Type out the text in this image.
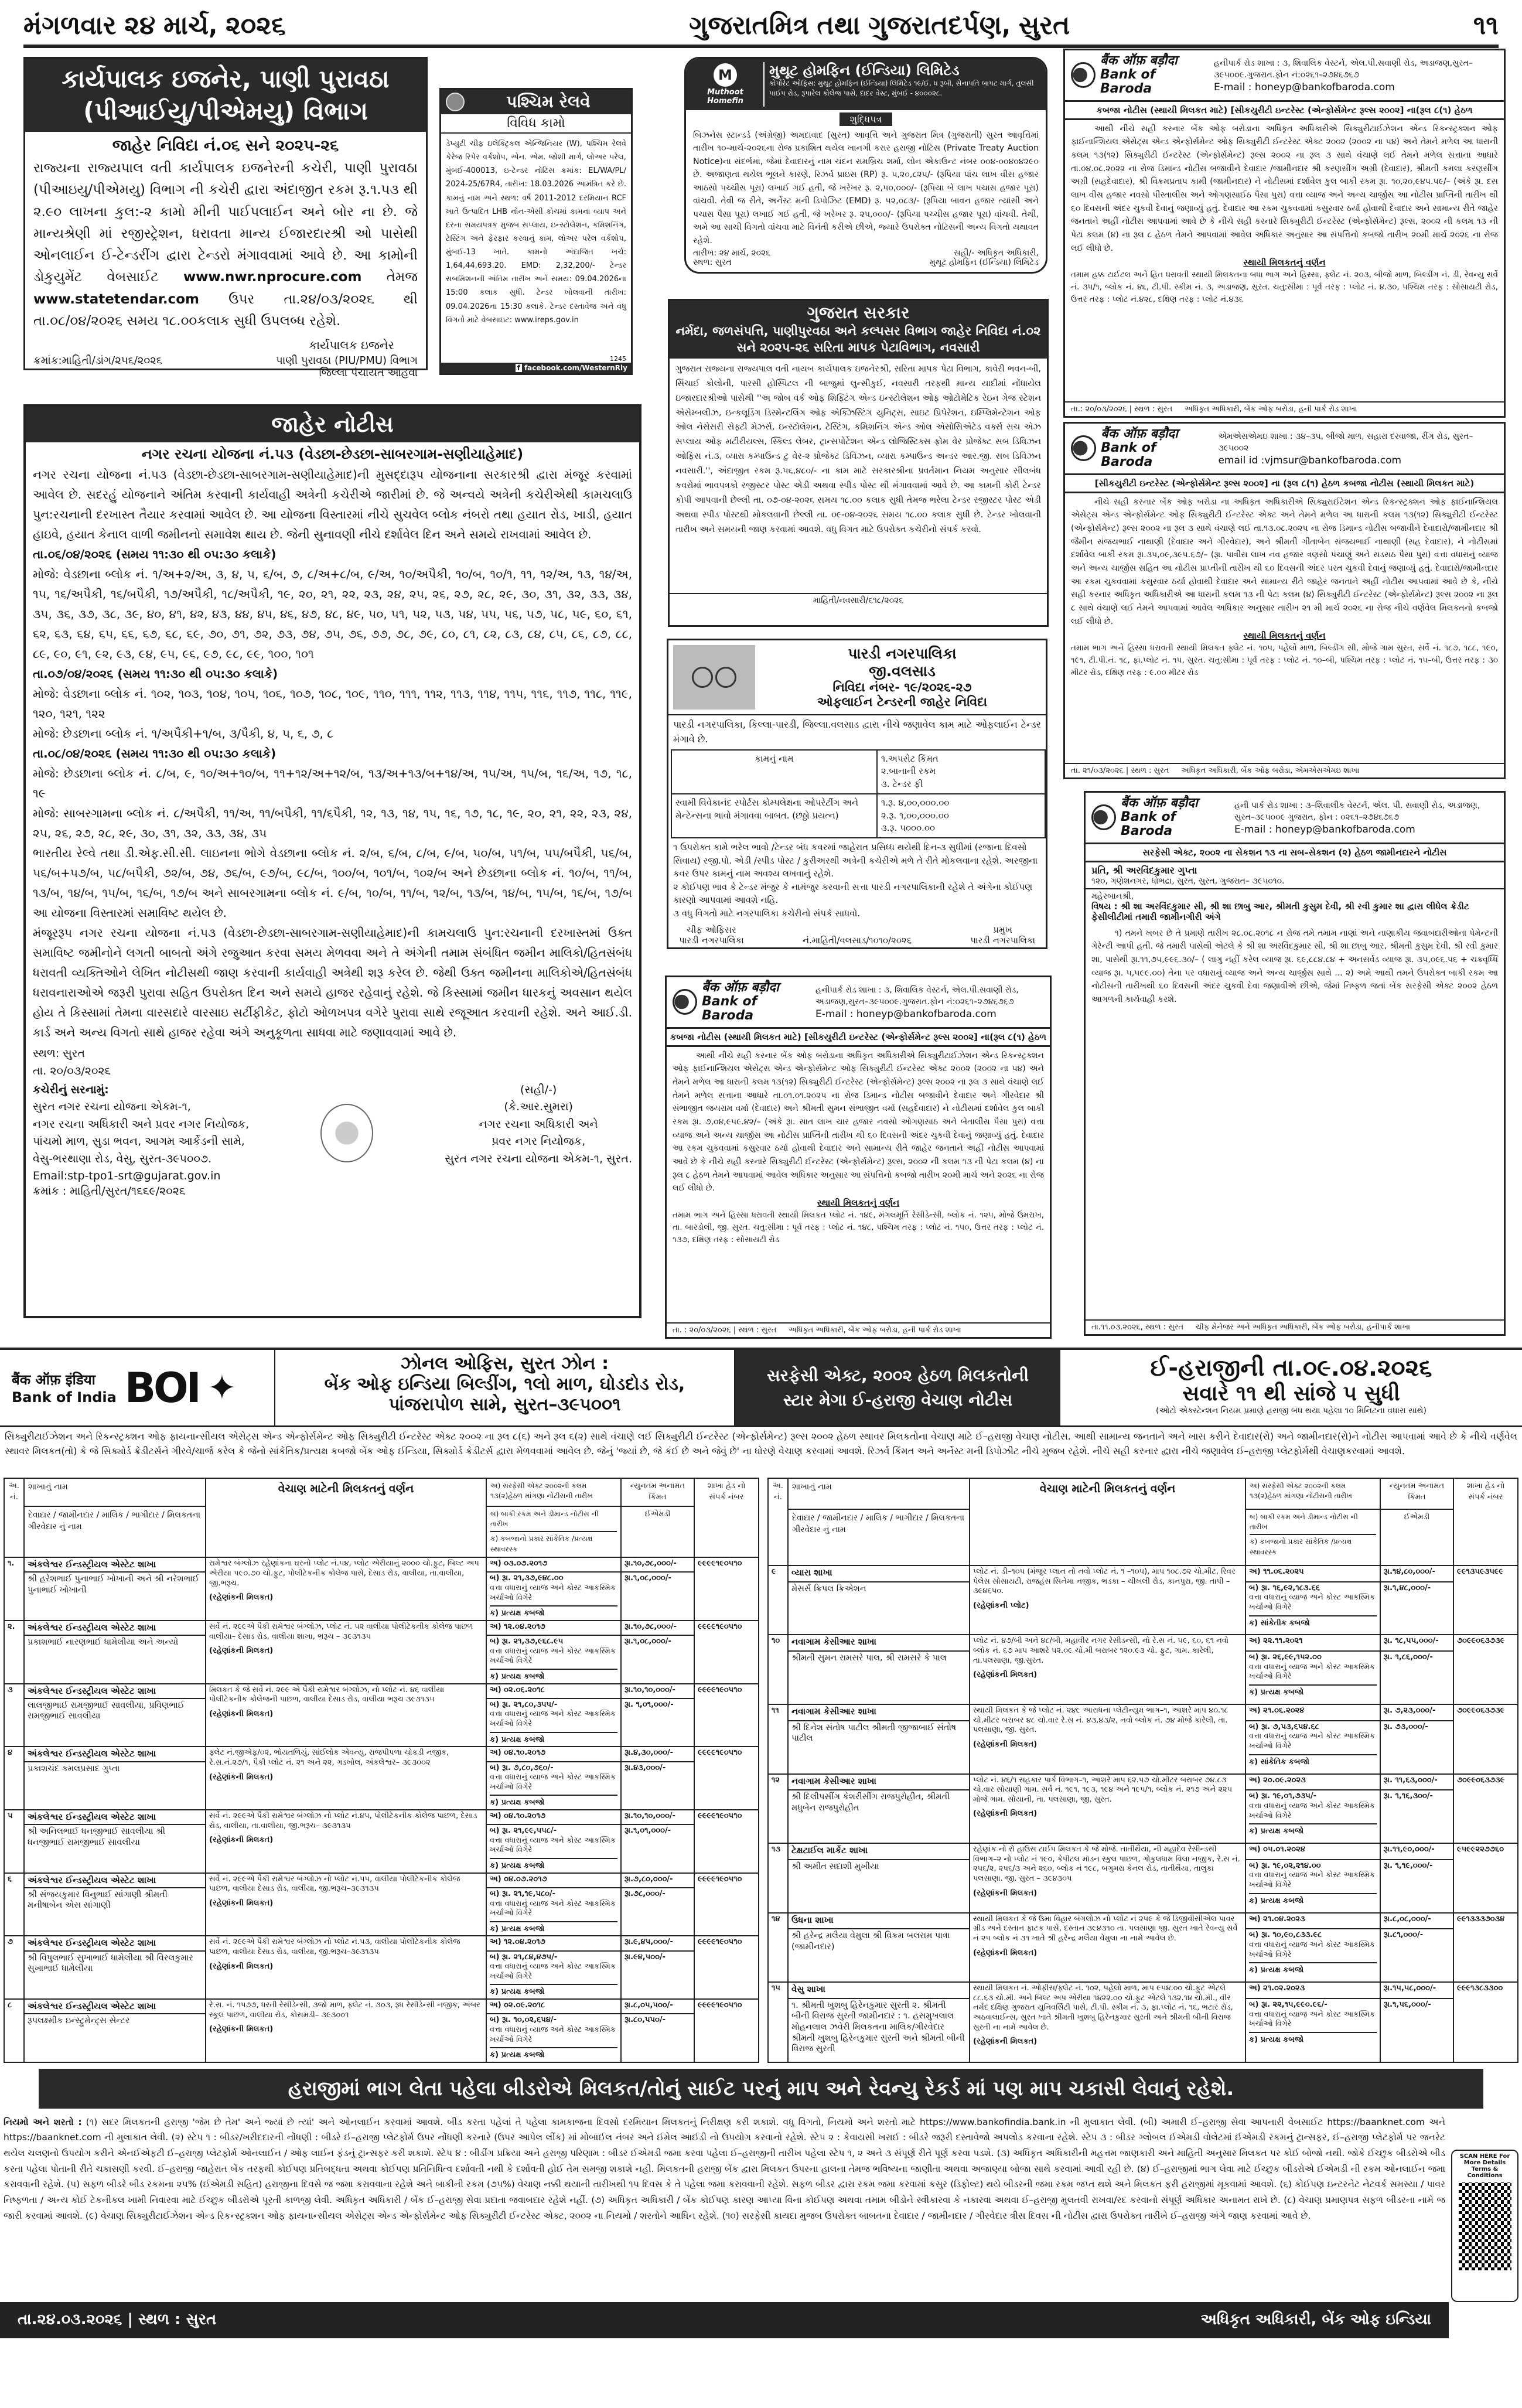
મંગળવાર ૨૪ માર્ચ, ૨૦૨૬	ગુજરાતમિત્ર તથા ગુજરાતદર્પણ, સુરત	૧૧
કાર્યપાલક ઇજનેર, પાણી પુરાવઠા (પીઆઈયુ/પીએમયુ) વિભાગ
જાહેર નિવિદા નં.૦૬ સને ૨૦૨૫-૨૬
રાજ્યના રાજ્યપાલ વતી કાર્યપાલક ઇજનેરની કચેરી, પાણી પુરાવઠા (પીઆઇયુ/પીએમયુ) વિભાગ ની કચેરી દ્વારા અંદાજીત રકમ રૂ.૧.૫૩ થી ૨.૯૦ લાખના કુલ:-૨ કામો મીની પાઈપલાઈન અને બોર ના છે. જે માન્યશ્રેણી માં રજીસ્ટ્રેશન, ધરાવતા માન્ય ઈજારદારશ્રી ઓ પાસેથી ઓનલાઈન ઈ-ટેન્ડરીંગ દ્વારા ટેન્ડરો મંગાવવામાં આવે છે. આ કામોની ડોકુયુમેંટ વેબસાઈટ www.nwr.nprocure.com તેમજ www.statetendar.com ઉપર તા.૨૪/૦૩/૨૦૨૬ થી તા.૦૮/૦૪/૨૦૨૬ સમય ૧૮.૦૦કલાક સુધી ઉપલબ્ધ રહેશે.
કાર્યપાલક ઇજનેર
ક્રમાંક:માહિતી/ડાંગ/૨૫૬/૨૦૨૬	પાણી પુરાવઠા (PIU/PMU) વિભાગ
જિલ્લા પંચાયત આહવા
પશ્ચિમ રેલવે
વિવિધ કામો
ડેપ્યુટી ચીફ ઇલેક્ટ્રિકલ એન્જિનિયર (W), પશ્ચિમ રેલવે કેરેજ રિપેર વર્કશોપ, એન. એમ. જોશી માર્ગ, લોઅર પરેલ, મુંબઈ-400013, ઇ-ટેન્ડર નોટિસ ક્રમાંક: EL/WA/PL/ 2024-25/67R4, તારીખ: 18.03.2026 આમંત્રિત કરે છે. કામનું નામ અને સ્થળ: વર્ષ 2011-2012 દરમિયાન RCF ખાતે ઉત્પાદિત LHB નોન-એસી કોચમાં કામના વ્યાપ અને દરના સમયપત્રક મુજબ સપ્લાય, ઇન્સ્ટોલેશન, કમિશનિંગ, ટેસ્ટિંગ અને ફેરફાર કરવાનું કામ, લોઅર પરેલ વર્કશોપ, મુંબઈ-13 ખાતે. કામનો અંદાજિત ખર્ચ: 1,64,44,693.20. EMD: 2,32,200/- ટેન્ડર સબમિશનની અંતિમ તારીખ અને સમય: 09.04.2026ના 15:00 કલાક સુધી. ટેન્ડર ખોલવાની તારીખ: 09.04.2026ના 15:30 કલાકે. ટેન્ડર દસ્તાવેજ અને વધુ વિગતો માટે વેબસાઇટ: www.ireps.gov.in
1245
f facebook.com/WesternRly
M
Muthoot Homefin
મુથૂટ હોમફિન (ઈન્ડિયા) લિમિટેડ
કોર્પોરેટ ઓફિસ: મુથૂટ હોમફિન (ઈન્ડિયા) લિમિટેડ ૧૯/ઈ, ધ રૂબી, સેનાપતિ બાપટ માર્ગ, તુલસી પાઈપ રોડ, રૂપારેલ કોલેજ પાસે, દાદર વેસ્ટ, મુંબઈ - ૪૦૦૦૨૮.
શુદ્ધિપત્ર
બિઝનેસ સ્ટાન્ડર્ડ (અંગ્રેજી) અમદાવાદ (સુરત) આવૃત્તિ અને ગુજરાત મિત્ર (ગુજરાતી) સુરત આવૃત્તિમાં તારીખ ૧૦-માર્ચ-૨૦૨૬ના રોજ પ્રકાશિત થયેલ ખાનગી કરાર હરાજી નોટિસ (Private Treaty Auction Notice)ના સંદર્ભમાં, જેમાં દેવાદારનું નામ ચંદન રામબ્રિચ શર્મા, લોન એકાઉન્ટ નંબર ૦૦૪-૦૦૪૦૪૨૯૦ છે. અજાણતા થયેલ ભૂલને કારણે, રિઝર્વ પ્રાઇસ (RP) રૂ. ૫,૨૦,૮૨૫/- (રૂપિયા પાંચ લાખ વીસ હજાર આઠસો પચ્ચીસ પૂરા) લખાઈ ગઈ હતી, જે ખરેખર રૂ. ૨,૫૦,૦૦૦/- (રૂપિયા બે લાખ પચાસ હજાર પૂરા) વાંચવી. તેવી જ રીતે, અર્નેસ્ટ મની ડિપોઝિટ (EMD) રૂ. ૫૨,૦૮૩/- (રૂપિયા બાવન હજાર ત્યાંસી અને પચાસ પૈસા પૂરા) લખાઈ ગઈ હતી, જે ખરેખર રૂ. ૨૫,૦૦૦/- (રૂપિયા પચ્ચીસ હજાર પૂરા) વાંચવી. તેથી, અમે આ સાચી વિગતો વાંચવા માટે વિનંતી કરીએ છીએ, જ્યારે ઉપરોક્ત નોટિસની અન્ય વિગતો યથાવત રહેશે.
તારીખ: ૨૪ માર્ચ, ૨૦૨૬
સ્થળ: સુરત
સહી/- અધિકૃત અધિકારી,
મુથૂટ હોમફિન (ઈન્ડિયા) લિમિટેડ
ગુજરાત સરકાર
નર્મદા, જળસંપત્તિ, પાણીપુરવઠા અને કલ્પસર વિભાગ જાહેર નિવિદા નં.૦૨ સને ૨૦૨૫-૨૬ સરિતા માપક પેટાવિભાગ, નવસારી
ગુજરાત રાજ્યના રાજ્યપાલ વતી નાયબ કાર્યપાલક ઇજનેરશ્રી, સરિતા માપક પેટા વિભાગ, કાવેરી ભવન-બી, સિંચાઈ કોલોની, પારસી હોસ્પિટલ ની બાજુમાં લુન્સીકુઈ, નવસારી તરફથી માન્ય યાદીમાં નોંધાયેલ ઇજારદારશ્રીઓ પાસેથી ''અ જોબ વર્ક ઓફ શિફ્ટિંગ એન્ડ ઇન્સ્ટોલેશન ઓફ ઓટોમેટિક રેઇન ગેજ સ્ટેશન એસેમ્બલીઝ, ઇન્કલૂડિંગ ડિસ્મેન્ટલિંગ ઓફ એક્ઝિસ્ટિંગ યુનિટ્સ, સાઇટ પ્રિપેરેશન, ઇમ્પ્લિમેન્ટેશન ઓફ ઓલ નેસેસરી સેફ્ટી મેઝર્સ, ઇન્સ્ટોલેશન, ટેસ્ટિંગ, કમિશનિંગ એન્ડ ઓલ એસોસિએટેડ વર્ક્સ સચ એઝ સપ્લાય ઓફ મટીરીયલ્સ, સ્કિલ્ડ લેબર, ટ્રાન્સપોર્ટેશન એન્ડ લોજિસ્ટિક્સ ફ્રોમ વેર પ્રોજેક્ટ સબ ડિવિઝન ઓફિસ નં.૩, વ્યારા કમ્પાઉન્ડ ટુ વેર-૨ પ્રોજેક્ટ ડિવિઝન, વ્યારા કમ્પાઉન્ડ અન્ડર આર.જી. સબ ડિવિઝન નવસારી.'', અંદાજીત રકમ રૂ.૫૬,૪૮૦/- ના કામ માટે સરકારશ્રીના પ્રવર્તમાન નિયમ અનુસાર સીલબંધ કવરોમાં ભાવપત્રકો રજીસ્ટર પોસ્ટ એડી અથવા સ્પીડ પોસ્ટ થી મંગાવવામાં આવે છે. આ કામની કોરી ટેન્ડર કોપી આપવાની છેલ્લી તા. ૦૭-૦૪-૨૦૨૬ સમય ૧૮.૦૦ કલાક સુધી તેમજ ભરેલા ટેન્ડર રજીસ્ટર પોસ્ટ એડી અથવા સ્પીડ પોસ્ટથી મોકલવાની છેલ્લી તા. ૦૯-૦૪-૨૦૨૬ સમય ૧૮.૦૦ કલાક સુધી છે. ટેન્ડર ખોલવાની તારીખ અને સમયની જાણ કરવામાં આવશે. વધુ વિગત માટે ઉપરોક્ત કચેરીનો સંપર્ક કરવો.
માહિતી/નવસારી/૬૧૮/૨૦૨૬
જાહેર નોટીસ
નગર રચના યોજના નં.૫૩ (વેડછા-છેડછા-સાબરગામ-સણીયાહેમાદ)
નગર રચના યોજના નં.૫૩ (વેડછા-છેડછા-સાબરગામ-સણીયાહેમાદ)ની મુસદ્દારૂપ યોજનાના સરકારશ્રી દ્વારા મંજૂર કરવામાં આવેલ છે. સદરહું યોજનાને અંતિમ કરવાની કાર્યવાહી અત્રેની કચેરીએ જારીમાં છે. જે અન્વયે અત્રેની કચેરીએથી કામચલાઉ પુન:રચનાની દરખાસ્ત તૈયાર કરવામાં આવેલ છે. આ યોજના વિસ્તારમાં નીચે સુચવેલ બ્લોક નંબરો તથા હયાત રોડ, ખાડી, હયાત હાઇવે, હયાત કેનાલ વાળી જમીનનો સમાવેશ થાય છે. જેની સુનાવણી નીચે દર્શાવેલ દિન અને સમયે રાખવામાં આવેલ છે.
તા.૦૬/૦૪/૨૦૨૬ (સમય ૧૧:૩૦ થી ૦૫:૩૦ કલાકે)
મોજે: વેડછાના બ્લોક નં. ૧/અ+૨/અ, ૩, ૪, ૫, ૬/બ, ૭, ૮/અ+૮/બ, ૯/અ, ૧૦/અપૈકી, ૧૦/બ, ૧૦/૧, ૧૧, ૧૨/અ, ૧૩, ૧૪/અ, ૧૫, ૧૬/અપૈકી, ૧૬/બપૈકી, ૧૭/અપૈકી, ૧૮/અપૈકી, ૧૯, ૨૦, ૨૧, ૨૨, ૨૩, ૨૪, ૨૫, ૨૬, ૨૭, ૨૮, ૨૯, ૩૦, ૩૧, ૩૨, ૩૩, ૩૪, ૩૫, ૩૬, ૩૭, ૩૮, ૩૯, ૪૦, ૪૧, ૪૨, ૪૩, ૪૪, ૪૫, ૪૬, ૪૭, ૪૮, ૪૯, ૫૦, ૫૧, ૫૨, ૫૩, ૫૪, ૫૫, ૫૬, ૫૭, ૫૮, ૫૯, ૬૦, ૬૧, ૬૨, ૬૩, ૬૪, ૬૫, ૬૬, ૬૭, ૬૮, ૬૯, ૭૦, ૭૧, ૭૨, ૭૩, ૭૪, ૭૫, ૭૬, ૭૭, ૭૮, ૭૯, ૮૦, ૮૧, ૮૨, ૮૩, ૮૪, ૮૫, ૮૬, ૮૭, ૮૮, ૮૯, ૯૦, ૯૧, ૯૨, ૯૩, ૯૪, ૯૫, ૯૬, ૯૭, ૯૮, ૯૯, ૧૦૦, ૧૦૧
તા.૦૭/૦૪/૨૦૨૬ (સમય ૧૧:૩૦ થી ૦૫:૩૦ કલાકે)
મોજે: વેડછાના બ્લોક નં. ૧૦૨, ૧૦૩, ૧૦૪, ૧૦૫, ૧૦૬, ૧૦૭, ૧૦૮, ૧૦૯, ૧૧૦, ૧૧૧, ૧૧૨, ૧૧૩, ૧૧૪, ૧૧૫, ૧૧૬, ૧૧૭, ૧૧૮, ૧૧૯, ૧૨૦, ૧૨૧, ૧૨૨
મોજે: છેડછાના બ્લોક નં. ૧/અપૈકી+૧/બ, ૩/પૈકી, ૪, ૫, ૬, ૭, ૮
તા.૦૮/૦૪/૨૦૨૬ (સમય ૧૧:૩૦ થી ૦૫:૩૦ કલાકે)
મોજે: છેડછાના બ્લોક નં. ૮/બ, ૯, ૧૦/અ+૧૦/બ, ૧૧+૧૨/અ+૧૨/બ, ૧૩/અ+૧૩/બ+૧૪/અ, ૧૫/અ, ૧૫/બ, ૧૬/અ, ૧૭, ૧૮, ૧૯
મોજે: સાબરગામના બ્લોક નં. ૮/અપૈકી, ૧૧/અ, ૧૧/બપૈકી, ૧૧/૬પૈકી, ૧૨, ૧૩, ૧૪, ૧૫, ૧૬, ૧૭, ૧૮, ૧૯, ૨૦, ૨૧, ૨૨, ૨૩, ૨૪, ૨૫, ૨૬, ૨૭, ૨૮, ૨૯, ૩૦, ૩૧, ૩૨, ૩૩, ૩૪, ૩૫
ભારતીય રેલ્વે તથા ડી.એફ.સી.સી. લાઇનના ભોગે વેડછાના બ્લોક નં. ૨/બ, ૬/બ, ૮/બ, ૯/બ, ૫૦/બ, ૫૧/બ, ૫૫/બપૈકી, ૫૬/બ, ૫૬/બ+૫૭/બ, ૫૮/બપૈકી, ૭૨/બ, ૭૪, ૭૬/બ, ૯૭/બ, ૯૮/બ, ૧૦૦/બ, ૧૦૧/બ, ૧૦૨/બ અને છેડછાના બ્લોક નં. ૧૦/બ, ૧૧/બ, ૧૩/બ, ૧૪/બ, ૧૫/બ, ૧૬/બ, ૧૭/બ અને સાબરગામના બ્લોક નં. ૯/બ, ૧૦/બ, ૧૧/બ, ૧૨/બ, ૧૩/બ, ૧૪/બ, ૧૫/બ, ૧૬/બ, ૧૭/બ આ યોજના વિસ્તારમાં સમાવિષ્ટ થયેલ છે.
મંજૂરરૂપ નગર રચના યોજના નં.૫૩ (વેડછા-છેડછા-સાબરગામ-સણીયાહેમાદ)ની કામચલાઉ પુન:રચનાની દરખાસ્તમાં ઉક્ત સમાવિષ્ટ જમીનોને લગતી બાબતો અંગે રજુઆત કરવા સમય મેળવવા અને તે અંગેની તમામ સંબંધિત જમીન માલિકો/હિતસંબંધ ધરાવતી વ્યક્તિઓને લેખિત નોટીસથી જાણ કરવાની કાર્યવાહી અત્રેથી શરૂ કરેલ છે. જેથી ઉક્ત જમીનના માલિકોએ/હિતસંબંધ ધરાવનારાઓએ જરૂરી પુરાવા સહિત ઉપરોક્ત દિન અને સમયે હાજર રહેવાનું રહેશે. જે કિસ્સામાં જમીન ધારકનું અવસાન થયેલ હોય તે કિસ્સામાં તેમના વારસદારે વારસાઇ સર્ટીફીકેટ, ફોટો ઓળખપત્ર વગેરે પુરાવા સાથે રજૂઆત કરવાની રહેશે. અને આઈ.ડી. કાર્ડ અને અન્ય વિગતો સાથે હાજર રહેવા અંગે અનુકૂળતા સાધવા માટે જણાવવામાં આવે છે.
સ્થળ: સુરત
તા. ૨૦/૦૩/૨૦૨૬
કચેરીનું સરનામું:
સુરત નગર રચના યોજના એકમ-૧,
નગર રચના અધિકારી અને પ્રવર નગર નિયોજક,
પાંચમો માળ, સુડા ભવન, આગમ આર્કેડની સામે,
વેસુ-ભરથાણા રોડ, વેસુ, સુરત-૩૯૫૦૦૭.
Email:stp-tpo1-srt@gujarat.gov.in
(સહી/-)
(કે.આર.સુમરા)
નગર રચના અધિકારી અને
પ્રવર નગર નિયોજક,
સુરત નગર રચના યોજના એકમ-૧, સુરત.
ક્રમાંક : માહિતી/સુરત/૧૬૬૯/૨૦૨૬
પારડી નગરપાલિકા
જી.વલસાડ
નિવિદા નંબર- ૧૯/૨૦૨૬-૨૭
ઓફલાઈન ટેન્ડરની જાહેર નિવિદા
પારડી નગરપાલિકા, કિલ્લા-પારડી, જિલ્લા.વલસાડ દ્વારા નીચે જણાવેલ કામ માટે ઓફલાઈન ટેન્ડર મંગાવે છે.
કામનું નામ	૧.અપસેટ કિંમત
૨.બાનાની રકમ
૩. ટેન્ડર ફી
સ્વામી વિવેકાનંદ સ્પોર્ટસ કોમ્પલેક્ષના ઓપરેટીંગ અને મેન્ટેન્સના ભાવો મંગાવવા બાબત. (છઠ્ઠો પ્રયત્ન)	૧.રૂ. ૪,૦૦,૦૦૦.૦૦
૨.રૂ. ૧,૦૦,૦૦૦.૦૦
૩.રૂ. ૫૦૦૦.૦૦
૧ ઉપરોક્ત કામે ભરેલ ભાવો /ટેન્ડર બંધ કવરમાં જાહેરાત પ્રસિધ્ધ થયેથી દિન-૩ સુધીમાં (રજાના દિવસો સિવાય) રજી.પો. એડી /સ્પીડ પોસ્ટ / કુરીઅરથી અત્રેની કચેરીએ મળે તે રીતે મોકલવાના રહેશે. અરજીના કવર ઉપર કામનું નામ અવશ્ય લખવાનું રહેશે.
૨ કોઈપણ ભાવ કે ટેન્ડર મંજુર કે નામંજુર કરવાની સત્તા પારડી નગરપાલિકાની રહેશે તે અંગેના કોઈપણ કારણો આપવામાં આવશે નહિ.
૩ વધુ વિગતો માટે નગરપાલિકા કચેરીનો સંપર્ક સાધવો.
ચીફ ઓફિસર
પારડી નગરપાલિકા	નં.માહિતી/વલસાડ/૧૦૧૦/૨૦૨૬
પ્રમુખ
પારડી નગરપાલિકા
बैंक ऑफ़ बड़ौदा
Bank of Baroda
હનીપાર્ક રોડ શાખા : ૩, શિવાલિક વેસ્ટર્ન, એલ.પી.સવાણી રોડ, અડાજણ,સુરત–૩૯૫૦૦૯.ગુજરાત.ફોન નં:૦૨૬૧–૨૭૪૬૭૬૭
E-mail : honeyp@bankofbaroda.com
કબજા નોટીસ (સ્થાયી મિલકત માટે) [સીકયુરીટી ઇન્ટરેસ્ટ (એન્ફોર્સમેન્ટ રૂલ્સ ૨૦૦૨] ના(રૂલ ૮(૧) હેઠળ
આથી નીચે સહી કરનાર બેંક ઓફ બરોડાના અધિકૃત અધિકારીએ સિક્યુરીટાઈઝેશન એન્ડ રિકન્સ્ટ્રક્શન ઓફ ફાઈનાન્શિયલ એસેટ્સ એન્ડ એન્ફોર્સમેન્ટ ઓફ સિક્યુરીટી ઈન્ટરેસ્ટ એક્ટ ૨૦૦૨ (૨૦૦૨ ના ૫૪) અને તેમને મળેલ આ ધારાની કલમ ૧૩(૧૨) સિક્યુરીટી ઈન્ટરેસ્ટ (એન્ફોર્સમેન્ટ) રૂલ્સ ૨૦૦૨ ના રૂલ ૩ સાથે વંચાણે લઈ તેમને મળેલ સત્તાના આધારે તા.૦૪.૦૮.૨૦૨૨ ના રોજ ડિમાન્ડ નોટીસ બજાવીને દેવાદાર /જામીનદાર શ્રી કરણસીંગ અગ્રી (દેવાદાર), શ્રીમતી કમલા કરણસીંગ અગ્રી (સહદેવાદાર), શ્રી વિક્રમપ્રતાપ કામી (જામીનદાર) ને નોટીસમાં દર્શાવેલ કુલ બાકી રકમ રૂા. ૧૦,૨૦,૯૪૫.૫૯/– (અંકે રૂા. દસ લાખ વીસ હજાર નવસો પીસ્તાલીસ અને ઓગણસાઈઠ પૈસા પુરા) વત્તા વ્યાજ અને અન્ય ચાર્જીસ આ નોટીસ પ્રાપ્તિની તારીખ થી ૬૦ દિવસની અંદર ચુકવી દેવાનું જણાવ્યું હતું. દેવાદાર આ રકમ ચુકવવામાં કસુરવાર ઠર્યા હોવાથી દેવાદાર અને સામાન્ય રીતે જાહેર જનતાને અહીં નોટીસ આપવામાં આવે છે કે નીચે સહી કરનારે સિક્યુરીટી ઈન્ટરેસ્ટ (એન્ફોર્સમેન્ટ) રૂલ્સ, ૨૦૦૨ ની કલમ ૧૩ ની પેટા કલમ (૪) ના રૂલ ૮ હેઠળ તેમને આપવામાં આવેલ અધિકાર અનુસાર આ સંપત્તિનો કબજો તારીખ ૨૦મી માર્ચ ૨૦૨૬ ના રોજ લઈ લીધો છે.
સ્થાયી મિલકતનું વર્ણન
તમામ હક્ક ટાઈટલ અને હિત ધરાવતી સ્થાયી મિલકતના બધા ભાગ અને હિસ્સા, ફ્લેટ નં. ૨૦૩, બીજો માળ, બિલ્ડીંગ નં. ડી, રેવન્યુ સર્વે નં. ૩૫/૧, બ્લોક નં. ૪૬, ટી.પી. સ્કીમ નં. ૩, અડાજણ, સુરત. ચતુ:સીમા : પૂર્વ તરફ : પ્લોટ નં. ૪.૩૦, પશ્ચિમ તરફ : સોસાયટી રોડ, ઉત્તર તરફ : પ્લોટ નં.૪૨૮, દક્ષિણ તરફ : પ્લોટ નં.૪૩૬
તા.: ૨૦/૦૩/૨૦૨૬ | સ્થળ : સુરત     અધિકૃત અધિકારી, બેંક ઓફ બરોડા, હની પાર્ક રોડ શાખા
बैंक ऑफ़ बड़ौदा
Bank of Baroda
એમએસએમઇ શાખા : ૩૪–૩૫, બીજો માળ, સહારા દરવાજા, રીંગ રોડ, સુરત–૩૯૫૦૦૨
email id :vjmsur@bankofbaroda.com
[સીકયુરીટી ઇન્ટરેસ્ટ (એન્ફોર્સમેન્ટ રૂલ્સ ૨૦૦૨] ના (રૂલ ૮(૧) હેઠળ કબજા નોટીસ (સ્થાયી મિલકત માટે)
નીચે સહી કરનાર બેંક ઓફ બરોડા ના અધિકૃત અધિકારીએ સિક્યુરાઈટેશન એન્ડ રિકન્સ્ટ્રક્શન ઓફ ફાઈનાન્શિયલ એસેટ્સ એન્ડ એન્ફોર્સમેન્ટ ઓફ સિક્યુરીટી ઈન્ટરેસ્ટ એક્ટ અને તેમને મળેલ આ ધારાની કલમ ૧૩(૧૨) સિક્યુરીટી ઈન્ટરેસ્ટ (એન્ફોર્સમેન્ટ) રૂલ્સ ૨૦૦૨ ના રૂલ ૩ સાથે વંચાણે લઈ તા.૧૩.૦૮.૨૦૨૫ ના રોજ ડિમાન્ડ નોટીસ બજાવીને દેવાદારો/જામીનદાર શ્રી જૈમીન સંજયભાઈ નાથાણી (દેવાદાર અને ગીરવેદાર), અને શ્રીમતી ગીતાબેન સંજયભાઈ નાથાણી (સહ દેવાદાર), ને નોટીસમાં દર્શાવેલ બાકી રકમ રૂા.૩૫,૦૯,૩૯૫.૬૭/– (રૂા. પાત્રીસ લાખ નવ હજાર ત્રણસો પંચાણું અને સડસઠ પૈસા પુરા) વત્તા વધારાનું વ્યાજ અને અન્ય ચાર્જીસ સહિત આ નોટીસ પ્રાપ્તીની તારીખ થી ૬૦ દિવસની અંદર પરત ચુકવી દેવાનું જણાવ્યું હતું. દેવાદારો/જામીનદાર આ રકમ ચુકવવામાં કસુરવાર ઠર્યા હોવાથી દેવાદાર અને સામાન્ય રીતે જાહેર જનતાને અહીં નોટીસ આપવામાં આવે છે કે, નીચે સહી કરનાર અધિકૃત અધિકારીએ આ ધારાની કલમ ૧૩ ની પેટા કલમ (૪) સિક્યુરીટી ઈન્ટરેસ્ટ (એન્ફોર્સમેન્ટ) રૂલ્સ ૨૦૦૨ ના રૂલ ૮ સાથે વંચાણે લઈ તેમને આપવામાં આવેલ અધિકાર અનુસાર તારીખ ૨૧ મી માર્ચ ૨૦૨૬ ના રોજ નીચે વર્ણવેલ મિલકતનો કબજો લઈ લીધો છે.
સ્થાયી મિલકતનું વર્ણન
તમામ ભાગ અને હિસ્સા ધરાવતી સ્થાયી મિલકત ફ્લેટ નં. ૧૦૫, પહેલો માળ, બિલ્ડીંગ સી, મોજે ગામ સુરત, સર્વે નં. ૧૮૭, ૧૮૮, ૧૯૦, ૧૯૧, ટી.પી.નં. ૧૮, ફા.પ્લોટ નં. ૧૫, સુરત. ચતુ:સીમા : પૂર્વ તરફ : પ્લોટ નં. ૧૦–બી, પશ્ચિમ તરફ : પ્લોટ નં. ૧૫–બી, ઉત્તર તરફ : ૩૦ મીટર રોડ, દક્ષિણ તરફ : ૯.૦૦ મીટર રોડ
તા. ૨૧/૦૩/૨૦૨૬ | સ્થળ : સુરત     અધિકૃત અધિકારી, બેંક ઓફ બરોડા, એમએસએમઇ શાખા
बैंक ऑफ़ बड़ौदा
Bank of Baroda
હની પાર્ક રોડ શાખા : ૩–શિવાલીક વેસ્ટર્ન, એલ. પી. સવાણી રોડ, અડાજણ, સુરત–૩૯૫૦૦૯ ગુજરાત, ફોન : ૦૨૬૧–૨૭૪૬૭૬૭
E-mail : honeyp@bankofbaroda.com
સરફેસી એક્ટ, ૨૦૦૨ ના સેકશન ૧૩ ના સબ–સેકશન (૨) હેઠળ જામીનદારને નોટીસ
પ્રતિ, શ્રી અરવિંદકુમાર ગુપ્તા
૧૨૦, ગણેશનગર, ધોભદ્રા, સુરત, સુરત, ગુજરાત– ૩૯૫૦૧૦.
મહેરબાનશ્રી,
વિષય : શ્રી શા અરવિંદકુમાર સી, શ્રી શા છાબુ આર, શ્રીમતી કુસુમ દેવી, શ્રી રવી કુમાર શા દ્વારા લીધેલ ક્રેડીટ ફેસીલીટીમાં તમારી જામીનગીરી અંગે
૧) તમને ખબર છે તે પ્રમાણે તારીખ ૨૮.૦૮.૨૦૧૮ ન રોજ તમે તમામ નાણાં અને નાણાકીય જવાબદારીઓના પેમેન્ટની ગેરેન્ટી આપી હતી. જે તમારી પાસેથી એટલે કે શ્રી શા અરવિંદકુમાર સી, શ્રી શા છાબુ આર, શ્રીમતી કુસુમ દેવી, શ્રી રવી કુમાર શા, પાસેથી રૂા.૧૧,૭૫,૯૯૬.૩૦/– ( લાગુ નહીં કરેલ વ્યાજ રૂા. ૬૯,૮૮૪.૮૪ + અનસર્વડ વ્યાજ રૂા. ૩૫,૦૯૬.૫૬ + ચક્રવૃધ્ધિ વ્યાજ રૂા. ૫,૫૯૯.૦૦) તેના પર વધારાનું વ્યાજ અને અન્ય ચાર્જીસ સાથે ... ૨) અમે આથી તમને ઉપરોક્ત બાકી રકમ આ નોટીસની તારીખથી ૬૦ દિવસની અંદર ચુકવી દેવા જણાવીએ છીએ, જેમાં નિષ્ફળ જતાં બેંક સરફેસી એક્ટ ૨૦૦૨ હેઠળ આગળની કાર્યવાહી કરશે.
તા.૧૧.૦૩.૨૦૨૬, સ્થળ : સુરત     ચીફ મેનેજર અને અધિકૃત અધિકારી, બેંક ઓફ બરોડા, હનીપાર્ક શાખા
बैंक ऑफ़ बड़ौदा
Bank of Baroda
હનીપાર્ક રોડ શાખા : ૩, શિવાલિક વેસ્ટર્ન, એલ.પી.સવાણી રોડ, અડાજણ,સુરત–૩૯૫૦૦૯.ગુજરાત.ફોન નં:૦૨૬૧–૨૭૪૬૭૬૭
E-mail : honeyp@bankofbaroda.com
કબજા નોટીસ (સ્થાયી મિલકત માટે) [સીકયુરીટી ઇન્ટરેસ્ટ (એન્ફોર્સમેન્ટ રૂલ્સ ૨૦૦૨] ના(રૂલ ૮(૧) હેઠળ
આથી નીચે સહી કરનાર બેંક ઓફ બરોડાના અધિકૃત અધિકારીએ સિક્યુરીટાઈઝેશન એન્ડ રિકન્સ્ટ્રક્શન ઓફ ફાઈનાન્શિયલ એસેટ્સ એન્ડ એન્ફોર્સમેન્ટ ઓફ સિક્યુરીટી ઈન્ટરેસ્ટ એક્ટ ૨૦૦૨ (૨૦૦૨ ના ૫૪) અને તેમને મળેલ આ ધારાની કલમ ૧૩(૧૨) સિક્યુરીટી ઈન્ટરેસ્ટ (એન્ફોર્સમેન્ટ) રૂલ્સ ૨૦૦૨ ના રૂલ ૩ સાથે વંચાણે લઈ તેમને મળેલ સત્તાના આધારે તા.૦૧.૦૧.૨૦૨૫ ના રોજ ડિમાન્ડ નોટીસ બજાવીને દેવાદાર અને ગીરવેદાર શ્રી સંભાજીત જયરામ વર્મા (દેવાદાર) અને શ્રીમતી સુમન સંભાજીત વર્મા (સહદેવાદાર) ને નોટીસમાં દર્શાવેલ કુલ બાકી રકમ રૂા. ૭,૦૪,૯૫૯.૪૨/– (અંકે રૂા. સાત લાખ ચાર હજાર નવસો ઓગણસાઠ અને બેતાલીસ પૈસા પુરા) વત્તા વ્યાજ અને અન્ય ચાર્જીસ આ નોટીસ પ્રાપ્તિની તારીખ થી ૬૦ દિવસની અંદર ચુકવી દેવાનું જણાવ્યું હતું. દેવાદાર આ રકમ ચુકવવામાં કસુરવાર ઠર્યા હોવાથી દેવાદાર અને સામાન્ય રીતે જાહેર જનતાને અહીં નોટીસ આપવામાં આવે છે કે નીચે સહી કરનારે સિક્યુરીટી ઈન્ટરેસ્ટ (એન્ફોર્સમેન્ટ) રૂલ્સ, ૨૦૦૨ ની કલમ ૧૩ ની પેટા કલમ (૪) ના રૂલ ૮ હેઠળ તેમને આપવામાં આવેલ અધિકાર અનુસાર આ સંપત્તિનો કબજો તારીખ ૨૦મી માર્ચ અને ૨૦૨૬ ના રોજ લઈ લીધો છે.
સ્થાયી મિલકતનું વર્ણન
તમામ ભાગ અને હિસ્સા ધરાવતી સ્થાયી મિલકત પ્લોટ નં. ૧૪૯, મંગલમૂર્તિ રેસીડેન્સી, બ્લોક નં. ૧૨૫, મોજે ઉમરાખ, તા. બારડોલી, જી. સુરત. ચતુ:સીમા : પૂર્વ તરફ : પ્લોટ નં. ૧૪૮, પશ્ચિમ તરફ : પ્લોટ નં. ૧૫૦, ઉત્તર તરફ : પ્લોટ નં. ૧૩૭, દક્ષિણ તરફ : સોસાયટી રોડ
તા. : ૨૦/૦૩/૨૦૨૬ | સ્થળ : સુરત     અધિકૃત અધિકારી, બેંક ઓફ બરોડા, હની પાર્ક રોડ શાખા
बैंक ऑफ़ इंडिया
Bank of India BOI ✦
ઝોનલ ઓફિસ, સુરત ઝોન :
બેંક ઓફ ઇન્ડિયા બિલ્ડીંગ, ૧લો માળ, ઘોડદોડ રોડ,
પાંજરાપોળ સામે, સુરત–૩૯૫૦૦૧
સરફેસી એક્ટ, ૨૦૦૨ હેઠળ મિલકતોની સ્ટાર મેગા ઈ-હરાજી વેચાણ નોટીસ
ઈ-હરાજીની તા.૦૯.૦૪.૨૦૨૬
સવારે ૧૧ થી સાંજે ૫ સુધી
(ઓટો એક્સ્ટેન્શન નિયમ પ્રમાણે હરાજી બંધ થયા પહેલા ૧૦ મિનિટના વધારા સાથે)
સિક્યુરીટાઈઝેશન અને રિકન્સ્ટ્રક્શન ઓફ ફાયનાન્સીયલ એસેટ્સ એન્ડ એન્ફોર્સમેન્ટ ઓફ સિક્યુરીટી ઈન્ટરેસ્ટ એક્ટ ૨૦૦૨ ના રૂલ ૮(૬) અને રૂલ ૬(૨) સાથે વંચાણે લઈ સિક્યુરીટી ઈન્ટરેસ્ટ (એન્ફોર્સમેન્ટ) રૂલ્સ ૨૦૦૨ હેઠળ સ્થાવર મિલકતોના વેચાણ માટે ઈ–હરાજી વેચાણ નોટીસ. આથી સામાન્ય જનતાને અને ખાસ કરીને દેવાદાર(રો) અને જામીનદાર(રો)ને નોટીસ આપવામાં આવે છે કે નીચે વર્ણવેલ સ્થાવર મિલકત(તો) કે જે સિક્યોર્ડ ક્રેડીટર્સને ગીરવે/ચાર્જ કરેલ કે જેનો સાંકેતિક/પ્રત્યક્ષ કબજો બેંક ઓફ ઈન્ડિયા, સિક્યોર્ડ ક્રેડીટર્સ દ્વારા મેળવવામાં આવેલ છે. જેનું 'જ્યાં છે, જે કંઈ છે અને જેવું છે' ના ધોરણે વેચાણ કરવામાં આવશે. રિઝર્વ કિંમત અને અર્નેસ્ટ મની ડિપોઝીટ નીચે મુજબ રહેશે. નીચે સહી કરનાર દ્વારા નીચે જણાવેલ ઈ–હરાજી પ્લેટફોર્મથી વેચાણકરવામાં આવશે.
અ. નં.	શાખાનું નામ	વેચાણ માટેની મિલકતનું વર્ણન	અ) સરફેસી એક્ટ ૨૦૦૨ની કલમ ૧૩(૨)હેઠળ માંગણા નોટીસની તારીખ	ન્યુનતમ અનામત કિંમત	શાખા હેડ નો સંપર્ક નંબર
	દેવાદાર / જામીનદાર / માલિક / ભાગીદાર / મિલકતના ગીરવેદાર નું નામ		બ) બાકી રકમ અને ડીમાન્ડ નોટીસ ની તારીખ
ક) કબજાનો પ્રકાર સાંકેતિક /પ્રત્યક્ષ સ્થાવરસ્ક	ઈએમડી	
૧.	અંકલેશ્વર ઈન્ડસ્ટ્રીયલ એસ્ટેટ શાખા	રામેશ્વર બંગ્લોઝ રહેણાંકના ઘરનો પ્લોટ નં.૫૪, પ્લોટ એરીયાનું ૨૦૦૦ ચો.ફુટ, બિલ્ટ અપ એરીયા ૫૯૦.૭૦ ચો.ફુટ, પોલીટેકનીક કોલેજ પાસે, દેસાડ રોડ, વાલીયા, તા.વાલીયા, જી.ભરૂચ.
(રહેણાંકની મિલકત)	અ) ૦૩.૦૭.૨૦૧૭	રૂા.૧૦,૭૮,૦૦૦/-	૯૯૯૯૧૯૦૫૧૦
	શ્રી હરેશભાઈ પુનાભાઈ ખોખાની અને શ્રી નરેશભાઈ પુનાભાઈ ખોખાની		બ) રૂા. ૨૧,૩૭,૯૪૮.૦૦
વત્તા વધારાનું વ્યાજ અને કોસ્ટ આકસ્મિક ખર્ચાઓ વિગેરે
ક) પ્રત્યક્ષ કબજો	રૂા.૧,૦૮,૦૦૦/-	
૨.	અંકલેશ્વર ઈન્ડસ્ટ્રીયલ એસ્ટેટ શાખા	સર્વે નં. ૨૯૯એ પૈકી રામેશ્વર બંગ્લોઝ, પ્લોટ નં. ૫૨ વાલીયા પોલીટેકનીક કોલેજ પાછળ વાલીયા– દેસાડ રોડ, વાલીયા શાખા, ભરૂચ – ૩૯૩૧૩૫
(રહેણાંકની મિલકત)	અ) ૧૨.૦૪.૨૦૧૭	રૂા.૧૦,૭૮,૦૦૦/-	૯૯૯૯૧૯૦૫૧૦
	પ્રકાશભાઈ નારણભાઈ ધામેલીયા અને અન્યો		બ) રૂા. ૨૧,૩૭,૯૬૮.૯૫
વત્તા વધારાનું વ્યાજ અને કોસ્ટ આકસ્મિક ખર્ચાઓ વિગેરે
ક) પ્રત્યક્ષ કબજો	રૂા.૧,૦૮,૦૦૦/-	
૩	અંકલેશ્વર ઈન્ડસ્ટ્રીયલ એસ્ટેટ શાખા	મિલકત કે જે સર્વે નં. ૨૯૯ એ પૈકી રામેશ્વર બંગ્લોઝ, નો પ્લોટ નં. ૪૬ વાલીયા પોલીટેકનીક કોલેજની પાછળ, વાલીયા દેસાડ રોડ, વાલીયા ભરૂચ ૩૯૩૧૩૫
(રહેણાંકની મિલકત)	અ) ૦૨.૦૬.૨૦૧૮	રૂા.૧૦,૧૦,૦૦૦/-	૯૯૯૯૧૯૦૫૧૦
	લાલજીભાઈ રામજીભાઈ સાવલીયા, પ્રવિણભાઈ રામજીભાઈ સાવલીયા		બ) રૂા. ૨૧,૮૦,૩૫૫/-
વત્તા વધારાનું વ્યાજ અને કોસ્ટ આકસ્મિક ખર્ચાઓ વિગેરે
ક) પ્રત્યક્ષ કબજો	રૂા. ૧,૦૧,૦૦૦/-	
૪	અંકલેશ્વર ઈન્ડસ્ટ્રીયલ એસ્ટેટ શાખા	ફ્લેટ નં.જીએફ/૦૨, ભોયતળિયું, સાંઈલોક એવન્યુ, રાજપીપળા ચોકડી નજીક, રે.સ.નં.૨૭/૧, પૈકી પ્લોટ નં. ૨૧ અને ૨૨, ગડખોલ, અંકલેશ્વર– ૩૯૩૦૦૨
(રહેણાંકની મિલકત)	અ) ૦૪.૧૦.૨૦૧૭	રૂા.૪,૩૦,૦૦૦/-	૯૯૯૯૧૯૦૫૧૦
	પ્રકાશચંદ કમલપ્રસાદ ગુપ્તા		બ) રૂા. ૭,૮૦,૭૬૦/-
વત્તા વધારાનું વ્યાજ અને કોસ્ટ આકસ્મિક ખર્ચાઓ વિગેરે
ક) પ્રત્યક્ષ કબજો	રૂા.૪૩,૦૦૦/-	
૫	અંકલેશ્વર ઈન્ડસ્ટ્રીયલ એસ્ટેટ શાખા	સર્વે નં. ૨૯૯એ પૈકી રામેશ્વર બંગ્લોઝ નો પ્લોટ નં.૪૫, પોલીટેકનીક કોલેજ પાછળ, દેસાડ રોડ, વાલીયા, તા.વાલીયા, જી.ભરૂચ– ૩૯૩૧૩૫
(રહેણાંકની મિલકત)	અ) ૦૪.૧૦.૨૦૧૭	રૂા.૧૦,૧૦,૦૦૦/-	૯૯૯૯૧૯૦૫૧૦
	શ્રી અનિલભાઈ ધનજીભાઈ સાવલીયા શ્રી ધનજીભાઈ રામજીભાઈ સાવલીયા		બ) રૂા. ૨૧,૯૯,૫૫૮/-
વત્તા વધારાનું વ્યાજ અને કોસ્ટ આકસ્મિક ખર્ચાઓ વિગેરે
ક) પ્રત્યક્ષ કબજો	રૂા.૧,૦૧,૦૦૦/-	
૬	અંકલેશ્વર ઈન્ડસ્ટ્રીયલ એસ્ટેટ શાખા	સર્વે નં. ૨૯૯એ પૈકી રામેશ્વર બંગ્લોઝ નો પ્લોટ નં.૫૫, વાલીયા પોલીટેકનીક કોલેજ પાછળ, વાલીયા દેસાડ રોડ, વાલીયા, જી.ભરૂચ–૩૯૩૧૩૫
(રહેણાંકની મિલકત)	અ) ૦૪.૦૭.૨૦૧૭	રૂા.૭,૮૦,૦૦૦/-	૯૯૯૯૧૯૦૫૧૦
	શ્રી સંજયકુમાર વિનુભાઈ સાંગાણી શ્રીમતી મનીષાબેન એસ સાંગાણી		બ) રૂા. ૨૧,૧૯,૫૮૦/-
વત્તા વધારાનું વ્યાજ અને કોસ્ટ આકસ્મિક ખર્ચાઓ વિગેરે
ક) પ્રત્યક્ષ કબજો	રૂા.૭૮,૦૦૦/-	
૭	અંકલેશ્વર ઈન્ડસ્ટ્રીયલ એસ્ટેટ શાખા	સર્વે નં. ૨૯૯એ પૈકી રામેશ્વર બંગ્લોઝ નો પ્લોટ નં.૫૩, વાલીયા પોલીટેકનીક કોલેજ પાછળ, વાલીયા દેસાડ રોડ, વાલીયા, જી.ભરૂચ–૩૯૩૧૩૫
(રહેણાંકની મિલકત)	અ) ૧૨.૦૪.૨૦૧૭	રૂા.૯,૪૫,૦૦૦/-	૯૯૯૯૧૯૦૫૧૦
	શ્રી વિપુલભાઈ સુખાભાઈ ધામેલીયા શ્રી વિરલકુમાર સુખાભાઈ ધામેલીયા		બ) રૂા. ૨૧,૮૪,૪૭૫/-
વત્તા વધારાનું વ્યાજ અને કોસ્ટ આકસ્મિક ખર્ચાઓ વિગેરે
ક) પ્રત્યક્ષ કબજો	રૂા.૯૪,૫૦૦/-	
૮	અંકલેશ્વર ઈન્ડસ્ટ્રીયલ એસ્ટેટ શાખા	રે.સ. નં. ૧૫૭૭, ધરતી રેસીડેન્સી, ૩જો માળ, ફ્લેટ નં. ૩૦૩, રૂધ રેસીડેન્સી નજીક, અંબર સ્કૂલ પાછળ, વાલીયા રોડ, કોસમડી– ૩૯૩૦૦૧
(રહેણાંકની મિલકત)	અ) ૦૨.૦૯.૨૦૧૮	રૂા.૮,૦૫,૫૦૦/-	૯૯૯૯૧૯૦૫૧૦
	રૂપલક્ષ્મીક ઇન્સ્ટ્રુમેન્ટ્સ સેન્ટર		બ) રૂા. ૧૦,૦૨,૬૫૪/-
વત્તા વધારાનું વ્યાજ અને કોસ્ટ આકસ્મિક ખર્ચાઓ વિગેરે
ક) પ્રત્યક્ષ કબજો	રૂા.૮૦,૫૫૦/-	
અ. નં.	શાખાનું નામ	વેચાણ માટેની મિલકતનું વર્ણન	અ) સરફેસી એક્ટ ૨૦૦૨ની કલમ ૧૩(૨)હેઠળ માંગણા નોટીસની તારીખ	ન્યુનતમ અનામત કિંમત	શાખા હેડ નો સંપર્ક નંબર
	દેવાદાર / જામીનદાર / માલિક / ભાગીદાર / મિલકતના ગીરવેદાર નું નામ		બ) બાકી રકમ અને ડીમાન્ડ નોટીસ ની તારીખ
ક) કબજાનો પ્રકાર સાંકેતિક /પ્રત્યક્ષ સ્થાવરસ્ક	ઈએમડી	
૯	વ્યારા શાખા	પ્લોટ નં. ડી–૧૦૫ (મંજુર પ્લાન નો નવો પ્લોટ નં. ૧ –૧૦૫), માપ ૧૦૮.૭૨ ચો.મીટ, રિવર પેલેસ સોસાયટી, રાજહંસ સિનેમા નજીક, ભડકા – ચીખલી રોડ, કાનપુરા, જી. તાપી – ૩૯૪૬૫૦.
(રહેણાંકની પ્લોટ)	અ) ૧૧.૦૬.૨૦૨૫	રૂા.૧૪,૮૦,૦૦૦/-	૯૯૧૩૫૯૩૫૯૯
	મેસર્સ ક્રિપલ ક્રિએશન		બ) રૂા. ૧૬,૯૨,૧૮૩.૬૬
વત્તા વધારાનું વ્યાજ અને કોસ્ટ આકસ્મિક ખર્ચાઓ વિગેરે
ક) સાંકેતીક કબજો	રૂા.૧,૪૮,૦૦૦/-	
૧૦	નવાગામ કેસીઆર શાખા	પ્લોટ નં. ૪૭/બી અને ૪૮/બી, મહાવીર નગર રેસીડન્સી, નો રે.સ નં. ૫૯, ૬૦, ૬૧ નવો બ્લોક નં. ૬૭ માપ આશરે ૫૨.૦૯ ચો.મી બરાબર ૧૨૦.૯૩ ચો. ફુટ, ગામ. કારેલી, તા.પલસાણા, જી.સુરત.
(રહેણાંકની મિલકત)	અ) ૨૨.૧૧.૨૦૨૧	રૂા. ૧૮,૫૫,૦૦૦/-	૭૦૯૯૦૬૩૭૩૯
	શ્રીમતી સુમન રામસરે પાલ, શ્રી રામસરે કે પાલ		બ) રૂા. ૨૬,૯૯,૧૫૨.૦૦
વત્તા વધારાનું વ્યાજ અને કોસ્ટ આકસ્મિક ખર્ચાઓ વિગેરે
ક) પ્રત્યક્ષ કબજો	રૂા. ૧,૮૬,૦૦૦/-	
૧૧	નવાગામ કેસીઆર શાખા	સ્થાયી મિલકત કે જે પ્લોટ નં. ૨૪૯ આરાધના પ્લેટીન્યુમ ભાગ–૧, આશરે માપ ૪૦.૧૮ ચો.મીટર બરાબર ૪૮ ચો.વાર રે.સ નં. ૪૩,૪૩/૨, નવો બ્લોક નં. ૭૪ મોજે કારેલી, તા. પલસાણા, જી. સુરત.
(રહેણાંકની મિલકત)	અ) ૨૧.૦૬.૨૦૨૪	રૂા. ૭,૨૩,૦૦૦/-	૭૦૯૯૦૬૩૭૩૯
	શ્રી દિનેશ સંતોષ પાટીલ શ્રીમતી જીજાબાઈ સંતોષ પાટીલ		બ) રૂા. ૭,૫૩,૬૫૪.૬૮
વત્તા વધારાનું વ્યાજ અને કોસ્ટ આકસ્મિક ખર્ચાઓ વિગેરે
ક) સાંકેતિક કબજો	રૂા. ૭૩,૦૦૦/-	
૧૨	નવાગામ કેસીઆર શાખા	પ્લોટ નં. ૪૬/૧ સહકાર પાર્ક વિભાગ–૧, આશરે માપ ૬૨.૫૭ ચો.મીટર બરાબર ૭૪.૮૩ ચો.વાર સોયાણી ગામ. સર્વે નં. ૧૯૧, ૧૯૩, ૧૯૪ અને ૧૯૫/૧, બ્લોક નં. ૨૧૭ અને ૨૨૫ મોજે ગામ. સોયાની, તા. પલસાણા, જી. સુરત.
(રહેણાંકની મિલકત)	અ) ૨૦.૦૯.૨૦૨૩	રૂા. ૧૧,૬૩,૦૦૦/-	૭૦૯૯૦૬૩૭૩૯
	શ્રી દિલીપસીંગ કેશરીસીંગ રાજપુરોહીત, શ્રીમતી મધુબેન રાજપુરોહીત		બ) રૂા. ૧૯,૦૧,૭૩૫/-
વત્તા વધારાનું વ્યાજ અને કોસ્ટ આકસ્મિક ખર્ચાઓ વિગેરે
ક) પ્રત્યક્ષ કબજો	રૂા. ૧,૧૬,૩૦૦/-	
૧૩	ટેક્ષટાઈલ માર્કેટ શાખા	રહેણાંક નો રો હાઉસ ટાઈપ મિલકત કે જે મોજે. તાતીથૈયા, ની મહાદેવ રેસીન્ડસી વિભાગ–૨ નો પ્લોટ નં ૧૯૦, કેપીટલ મૉડન સ્કુલ પાછળ, ગોકુલધામ વિલા નજીક, રે.સ નં. ૨૫૬/૨, ૨૫૬/૩ અને ૨૬૦, બ્લોક નં ૧૯૮, બગુમરા કેનલ રોડ, તાતીથૈયા, તાલુકા પલસાણા. જી. સુરત – ૩૯૪૩૦૫
(રહેણાંકની મિલકત)	અ) ૦૫.૦૧.૨૦૨૪	રૂા.૧૧,૯૦,૦૦૦/-	૯૫૯૯૨૨૭૭૬૦
	શ્રી અમીત સદાશી મુખીયા		બ) રૂા. ૧૯,૦૨,૨૧૪.૦૦
વત્તા વધારાનું વ્યાજ અને કોસ્ટ આકસ્મિક ખર્ચાઓ વિગેરે
ક) પ્રત્યક્ષ કબજો	રૂા. ૧,૧૯,૦૦૦/-	
૧૪	ઉધના શાખા	સ્થાયી મિલકત કે જે ઉમા વિહાર બંગલોઝ નો પ્લોટ નં ૨૫૯ કે જે ડિજીવીસીએલ પાવર ગ્રીડ અને દસ્તાન ફાટક પાસે, દસ્તાન ૩૯૪૩૧૦ તા. પલસાણા જી. સુરત ખાતે રેવન્યુ સર્વે નં ૨૫ બ્લોક નં ૩૧ ખાતે શ્રી હરેન્દ્ર મલૈયા વેમુલા ના નામે આવેલ છે.
(રહેણાંકની મિલકત)	અ) ૨૧.૦૪.૨૦૨૩	રૂા.૮,૦૮,૦૦૦/-	૯૯૧૩૩૩૭૦૩૪
	શ્રી હરેન્દ્ર મલૈયા વેમુલા શ્રી વિક્રમ બલરામ પાત્રા (જામીનદાર)		બ) રૂા. ૧૦,૯૦,૮૩૩.૯૮
વત્તા વધારાનું વ્યાજ અને કોસ્ટ આકસ્મિક ખર્ચાઓ વિગેરે
ક) પ્રત્યક્ષ કબજો	રૂા.૮૧,૦૦૦/-	
૧૫	વેસુ શાખા	સ્થાયી મિલકત નં. ઓફીસ/ફ્લેટ નં. ૧૦૨, પહેલો માળ, માપ ૯૫૪.૦૦ ચો.ફુટ એટલે ૮૮.૬૩ ચો.મી. અને બિલ્ટ અપ એરીયા ૧૪૨૨.૦૦ ચો.ફુટ એટલે ૧૩૨.૧૪ ચો.મી., વીર નર્મદ દક્ષિણ ગુજરાત યુનિવર્સિટી પાસે, ટી.પી. સ્કીમ નં. ૩, ફા.પ્લોટ નં. ૧૬, ભટાર રોડ, અઠવાલાઈન્સ, સુરત ખાતે શ્રીમતી ખુશબુ હિરેનકુમાર સુરતી અને શ્રીમતી બીની વિરાજ સુરતી ના નામે આવેલ છે.
(રહેણાંકની મિલકત)	અ) ૨૧.૦૨.૨૦૨૩	રૂા.૧૫,૫૮,૦૦૦/-	૯૯૯૧૩૮૩૩૦૦
	૧. શ્રીમતી ખુશબુ હિરેનકુમાર સુરતી ૨. શ્રીમતી બીની વિરાજ સુરતી જામીનદાર : ૧. હસમુખલાલ મોહનલાલ ઝવેરી મિલકતના માલિક/ગીરવેદાર શ્રીમતી ખુશબુ હિરેનકુમાર સુરતી અને શ્રીમતી બીની વિરાજ સુરતી		બ) રૂા. ૨૨,૧૫,૯૯૦.૯૬/-
વત્તા વધારાનું વ્યાજ અને કોસ્ટ આકસ્મિક ખર્ચાઓ વિગેરે
ક) પ્રત્યક્ષ કબજો	રૂા.૧,૫૬,૦૦૦/-	
હરાજીમાં ભાગ લેતા પહેલા બીડરોએ મિલકત/તોનું સાઈટ પરનું માપ અને રેવન્યુ રેકર્ડ માં પણ માપ ચકાસી લેવાનું રહેશે.
નિયમો અને શરતો : (૧) સદર મિલકતની હરાજી 'જેમ છે તેમ' અને જ્યાં છે ત્યાં' અને ઓનલાઈન કરવામાં આવશે. બીડ કરતા પહેલાં તે પહેલા કામકાજના દિવસો દરમિયાન મિલકતનું નિરીક્ષણ કરી શકાશે. વધુ વિગતો, નિયમો અને શરતો માટે https://www.bankofindia.bank.in ની મુલાકાત લેવી. (બી) અમારી ઈ–હરાજી સેવા આપનારી વેબસાઈટ https://baanknet.com અને https://baanknet.com ની મુલાકાત લેવી. (૨) સ્ટેપ ૧ : બીડર/ખરીદદારની નોંધણી : બીડરે ઈ–હરાજી પ્લેટફોર્મ ઉપર નોંધણી કરનારે (ઉપર આપેલ લીંક) માં મોબાઈલ નંબર અને ઈમેલ આઈડી નો ઉપયોગ કરવાનો રહેશે. સ્ટેપ ૨ : કેવાયસી ખરાઈ : બીડરે જરૂરી દસ્તાવેજો અપલોડ કરવાના રહેશે. સ્ટેપ ૩ : બીડર ગ્લોબલ ઈએમડી વોલેટમાં ઈએમડી રકમનું ટ્રાન્સફર, ઈ–હરાજી પ્લેટફોર્મ પર જનરેટ થયેલ ચલણનો ઉપયોગ કરીને એનઈએફટી ઈ–હરાજી પ્લેટફોર્મ ઓનલાઈન / ઓફ લાઈન ફંડનું ટ્રાન્સફર કરી શકાશે. સ્ટેપ ૪ : બીડીંગ પ્રક્રિયા અને હરાજી પરિણામ : બીડર ઈએમડી જમા કરવા પહેલા ઈ–હરાજીની તારીખ પહેલા સ્ટેપ ૧, ૨ અને ૩ સંપૂર્ણ રીતે પૂર્ણ કરવા પડશે. (૩) અધિકૃત અધિકારીની મહત્તમ જાણકારી અને માહિતી અનુસાર મિલકત પર કોઈ બોજો નથી. જોકે ઈચ્છુક બીડરોએ બીડ કરતા પહેલા પોતાની રીતે ચકાસણી કરવી. ઈ–હરાજી જાહેરાત બેંક તરફથી કોઈપણ પ્રતિબદ્ધતા અથવા કોઈપણ પ્રતિનિધિત્વ દર્શાવતી નથી કે દર્શાવતી હોઈ તેમ સમજી શકાશે નહી. મિલકતની હરાજી બેંક દ્વારા મિલકત ઉપરના હાલના તેમજ ભવિષ્યના જાણીતા અથવા અજાણ્યા બોજા સાથે કરવામાં આવી રહી છે. (૪) ઈ–હરાજીમાં ભાગ લેવા માટે ઈચ્છુક બીડરોએ ઈએમડી ની રકમ ઓનલાઈન જમા કરાવવાની રહેશે. (૫) સફળ બીડરે બીડ રકમના ૨૫% (ઈએમડી સહિત) હરાજીના દિવસે જ જમા કરાવવાના રહેશે અને બાકીની રકમ (૭૫%) વેચાણ નક્કી થયાની તારીખથી ૧૫ દિવસ કે તે પહેલા જમા કરાવવાની રહેશે. સફળ બીડર દ્વારા રકમ જમા કરવામાં કસુર (ડિફોલ્ટ) થયે બીડરની જમા રકમ જપ્ત થશે અને મિલકત ફરી હરાજીમાં મૂકવામાં આવશે. (૬) કોઈપણ ઇન્ટરનેટ નેટવર્ક સમસ્યા / પાવર નિષ્ફળતા / અન્ય કોઈ ટેકનીકલ ખામી નિવારવા માટે ઈચ્છુક બીડરોએ પૂરતી કાળજી લેવી. અધિકૃત અધિકારી / બેંક ઈ–હરાજી સેવા પ્રદાતા જવાબદાર રહેશે નહીં. (૭) અધિકૃત અધિકારી / બેંક કોઈપણ કારણ આપ્યા વિના કોઈપણ અથવા તમામ બીડોને સ્વીકારવા કે નકારવા અથવા ઈ–હરાજી મુલતવી રાખવા/રદ કરવાનો સંપૂર્ણ અધિકાર અનામત રાખે છે. (૮) વેચાણ પ્રમાણપત્ર સફળ બીડરના નામે જ જારી કરવામાં આવશે. (૯) વેચાણ સિક્યુરીટાઈઝેશન એન્ડ રિકન્સ્ટ્રક્શન ઓફ ફાયનાન્સીયલ એસેટ્સ એન્ડ એન્ફોર્સમેન્ટ ઓફ સિક્યુરીટી ઈન્ટરેસ્ટ એક્ટ, ૨૦૦૨ ના નિયમો / શરતોને આધિન રહેશે. (૧૦) સરફેસી કાયદા મુજબ ઉપરોક્ત બાબતના દેવાદાર / જામીનદાર / ગીરવેદાર ત્રીસ દિવસ ની નોટીસ દ્વારા ઉપરોક્ત તારીખે ઈ–હરાજી અંગે જાણ કરવામાં આવે છે.
SCAN HERE For More Details Terms & Conditions
તા.૨૪.૦૩.૨૦૨૬ | સ્થળ : સુરત	અધિકૃત અધિકારી, બેંક ઓફ ઇન્ડિયા
